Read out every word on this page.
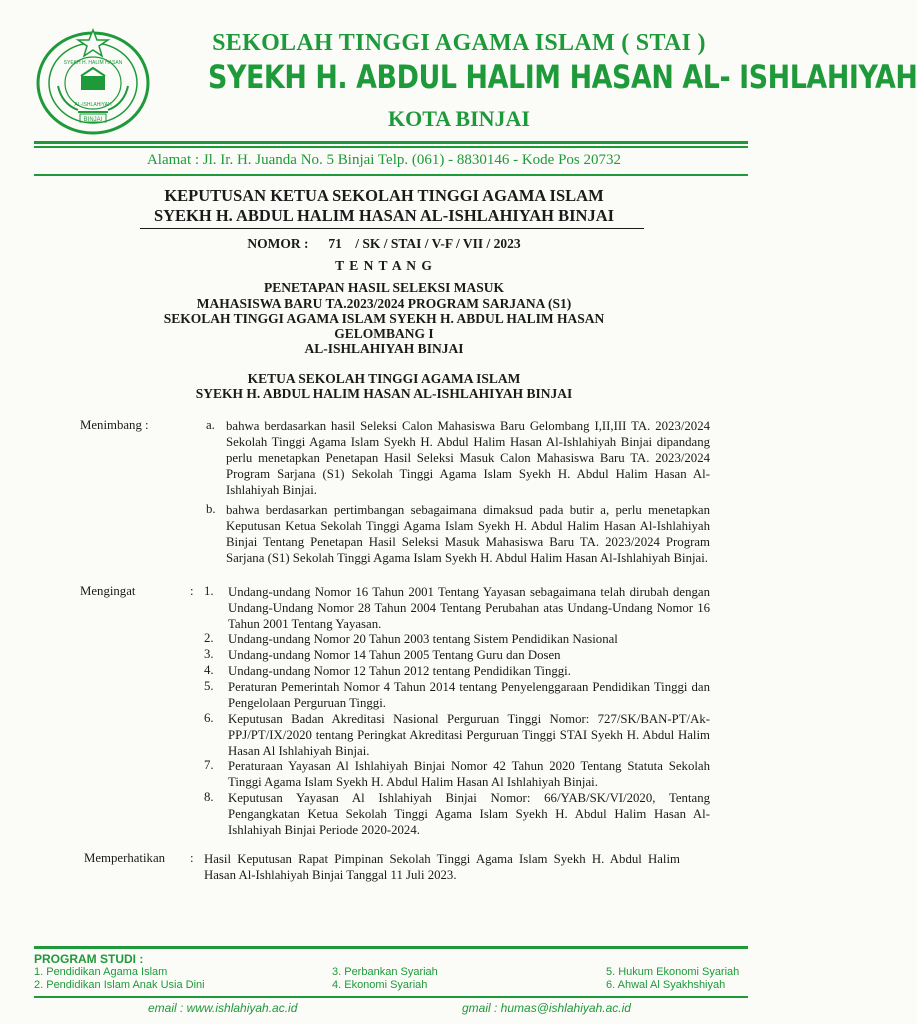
BINJAI
SYEKH H. HALIM HASAN
AL-ISHLAHIYAH
SEKOLAH TINGGI AGAMA ISLAM ( STAI )
SYEKH H. ABDUL HALIM HASAN AL- ISHLAHIYAH
KOTA BINJAI
Alamat : Jl. Ir. H. Juanda No. 5 Binjai Telp. (061) - 8830146 - Kode Pos 20732
KEPUTUSAN KETUA SEKOLAH TINGGI AGAMA ISLAM
SYEKH H. ABDUL HALIM HASAN AL-ISHLAHIYAH BINJAI
NOMOR : 71 / SK / STAI / V-F / VII / 2023
T E N T A N G
PENETAPAN HASIL SELEKSI MASUK
MAHASISWA BARU TA.2023/2024 PROGRAM SARJANA (S1)
SEKOLAH TINGGI AGAMA ISLAM SYEKH H. ABDUL HALIM HASAN
GELOMBANG I
AL-ISHLAHIYAH BINJAI
KETUA SEKOLAH TINGGI AGAMA ISLAM
SYEKH H. ABDUL HALIM HASAN AL-ISHLAHIYAH BINJAI
Menimbang :	a. bahwa berdasarkan hasil Seleksi Calon Mahasiswa Baru Gelombang I,II,III TA. 2023/2024 Sekolah Tinggi Agama Islam Syekh H. Abdul Halim Hasan Al-Ishlahiyah Binjai dipandang perlu menetapkan Penetapan Hasil Seleksi Masuk Calon Mahasiswa Baru TA. 2023/2024 Program Sarjana (S1) Sekolah Tinggi Agama Islam Syekh H. Abdul Halim Hasan Al-Ishlahiyah Binjai.
b. bahwa berdasarkan pertimbangan sebagaimana dimaksud pada butir a, perlu menetapkan Keputusan Ketua Sekolah Tinggi Agama Islam Syekh H. Abdul Halim Hasan Al-Ishlahiyah Binjai Tentang Penetapan Hasil Seleksi Masuk Mahasiswa Baru TA. 2023/2024 Program Sarjana (S1) Sekolah Tinggi Agama Islam Syekh H. Abdul Halim Hasan Al-Ishlahiyah Binjai.
Mengingat	: 1. Undang-undang Nomor 16 Tahun 2001 Tentang Yayasan sebagaimana telah dirubah dengan Undang-Undang Nomor 28 Tahun 2004 Tentang Perubahan atas Undang-Undang Nomor 16 Tahun 2001 Tentang Yayasan.
2. Undang-undang Nomor 20 Tahun 2003 tentang Sistem Pendidikan Nasional
3. Undang-undang Nomor 14 Tahun 2005 Tentang Guru dan Dosen
4. Undang-undang Nomor 12 Tahun 2012 tentang Pendidikan Tinggi.
5. Peraturan Pemerintah Nomor 4 Tahun 2014 tentang Penyelenggaraan Pendidikan Tinggi dan Pengelolaan Perguruan Tinggi.
6. Keputusan Badan Akreditasi Nasional Perguruan Tinggi Nomor: 727/SK/BAN-PT/Ak-PPJ/PT/IX/2020 tentang Peringkat Akreditasi Perguruan Tinggi STAI Syekh H. Abdul Halim Hasan Al Ishlahiyah Binjai.
7. Peraturaan Yayasan Al Ishlahiyah Binjai Nomor 42 Tahun 2020 Tentang Statuta Sekolah Tinggi Agama Islam Syekh H. Abdul Halim Hasan Al Ishlahiyah Binjai.
8. Keputusan Yayasan Al Ishlahiyah Binjai Nomor: 66/YAB/SK/VI/2020, Tentang Pengangkatan Ketua Sekolah Tinggi Agama Islam Syekh H. Abdul Halim Hasan Al-Ishlahiyah Binjai Periode 2020-2024.
Memperhatikan : Hasil Keputusan Rapat Pimpinan Sekolah Tinggi Agama Islam Syekh H. Abdul Halim Hasan Al-Ishlahiyah Binjai Tanggal 11 Juli 2023.
PROGRAM STUDI :
1. Pendidikan Agama Islam
2. Pendidikan Islam Anak Usia Dini
3. Perbankan Syariah
4. Ekonomi Syariah
5. Hukum Ekonomi Syariah
6. Ahwal Al Syakhshiyah
email : www.ishlahiyah.ac.id	gmail : humas@ishlahiyah.ac.id
